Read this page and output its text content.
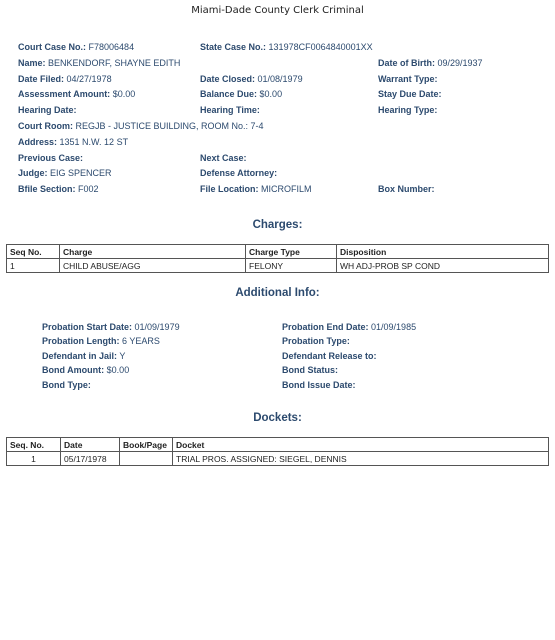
Miami-Dade County Clerk Criminal
Court Case No.: F78006484	State Case No.: 131978CF0064840001XX
Name: BENKENDORF, SHAYNE EDITH	Date of Birth: 09/29/1937
Date Filed: 04/27/1978	Date Closed: 01/08/1979	Warrant Type:
Assessment Amount: $0.00	Balance Due: $0.00	Stay Due Date:
Hearing Date:	Hearing Time:	Hearing Type:
Court Room: REGJB - JUSTICE BUILDING, ROOM No.: 7-4
Address: 1351 N.W. 12 ST
Previous Case:	Next Case:
Judge: EIG SPENCER	Defense Attorney:
Bfile Section: F002	File Location: MICROFILM	Box Number:
Charges:
Seq No.	Charge	Charge Type	Disposition
1	CHILD ABUSE/AGG	FELONY	WH ADJ-PROB SP COND
Additional Info:
Probation Start Date: 01/09/1979	Probation End Date: 01/09/1985
Probation Length: 6 YEARS	Probation Type:
Defendant in Jail: Y	Defendant Release to:
Bond Amount: $0.00	Bond Status:
Bond Type:	Bond Issue Date:
Dockets:
Seq. No.	Date	Book/Page	Docket
1	05/17/1978		TRIAL PROS. ASSIGNED: SIEGEL, DENNIS
